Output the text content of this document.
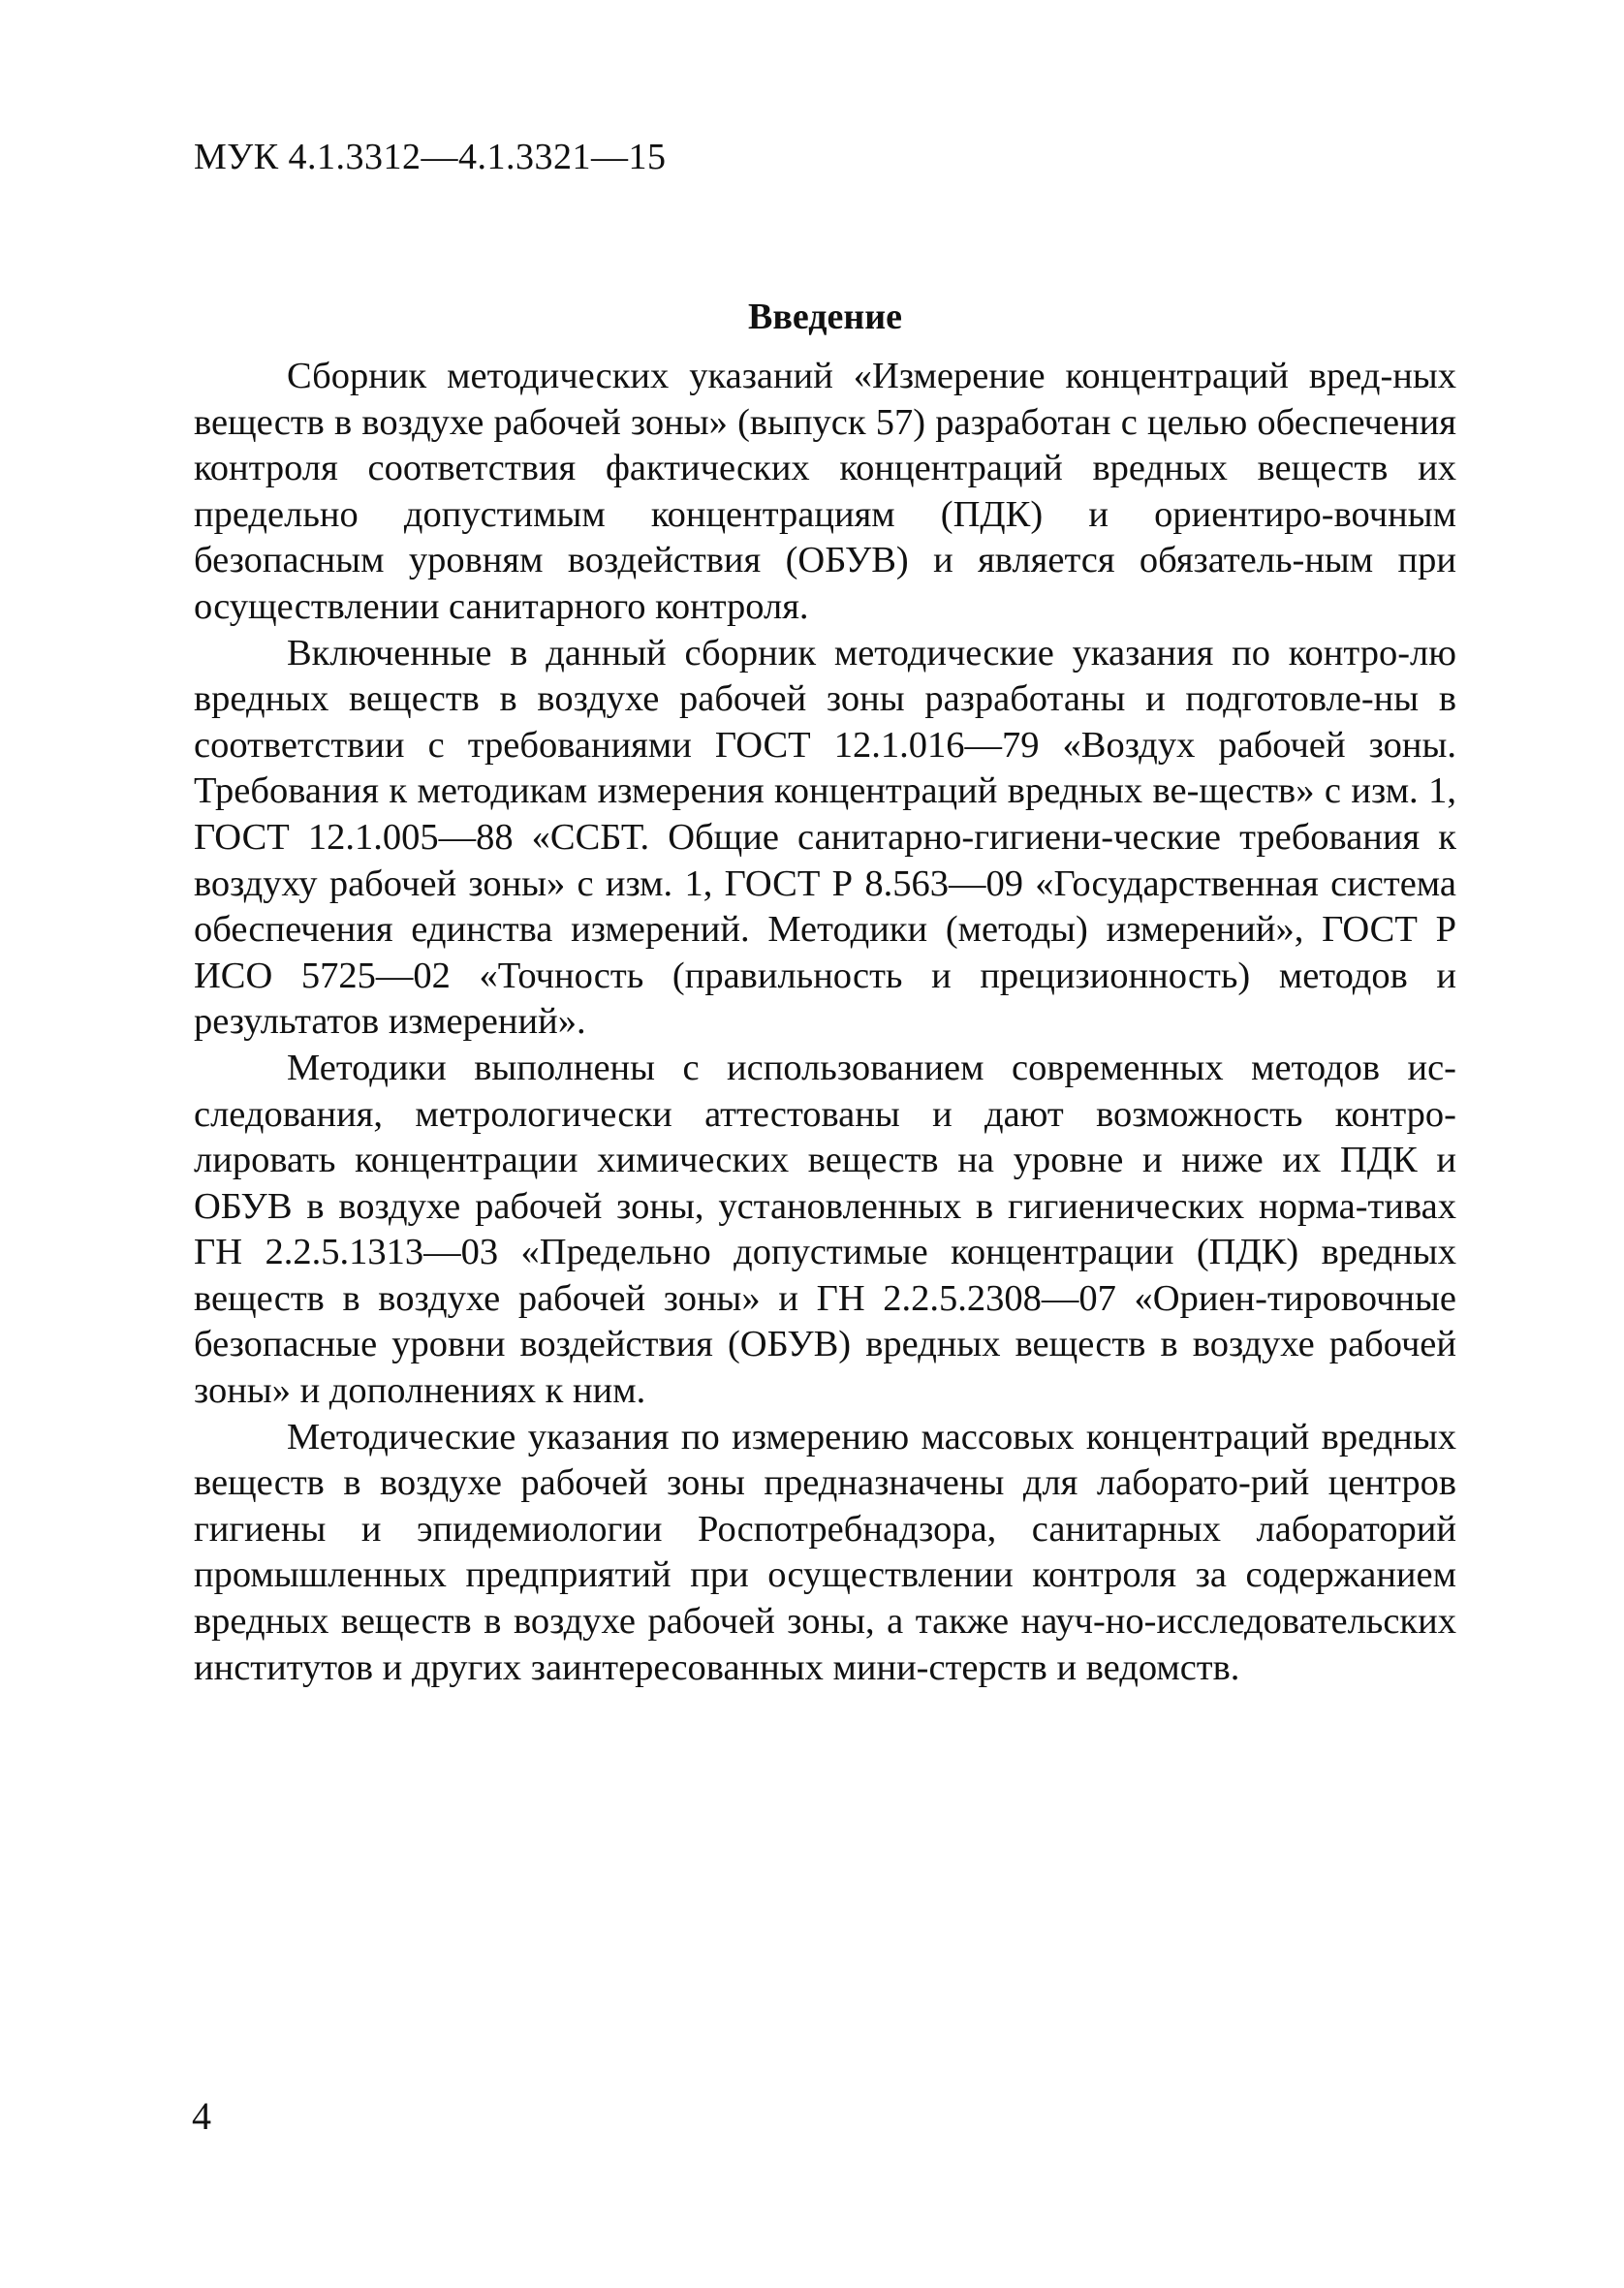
МУК 4.1.3312—4.1.3321—15
Введение

Сборник методических указаний «Измерение концентраций вред-ных веществ в воздухе рабочей зоны» (выпуск 57) разработан с целью обеспечения контроля соответствия фактических концентраций вредных веществ их предельно допустимым концентрациям (ПДК) и ориентиро-вочным безопасным уровням воздействия (ОБУВ) и является обязатель-ным при осуществлении санитарного контроля.

Включенные в данный сборник методические указания по контро-лю вредных веществ в воздухе рабочей зоны разработаны и подготовле-ны в соответствии с требованиями ГОСТ 12.1.016—79 «Воздух рабочей зоны. Требования к методикам измерения концентраций вредных ве-ществ» с изм. 1, ГОСТ 12.1.005—88 «ССБТ. Общие санитарно-гигиени-ческие требования к воздуху рабочей зоны» с изм. 1, ГОСТ Р 8.563—09 «Государственная система обеспечения единства измерений. Методики (методы) измерений», ГОСТ Р ИСО 5725—02 «Точность (правильность и прецизионность) методов и результатов измерений».

Методики выполнены с использованием современных методов ис-следования, метрологически аттестованы и дают возможность контро-лировать концентрации химических веществ на уровне и ниже их ПДК и ОБУВ в воздухе рабочей зоны, установленных в гигиенических норма-тивах ГН 2.2.5.1313—03 «Предельно допустимые концентрации (ПДК) вредных веществ в воздухе рабочей зоны» и ГН 2.2.5.2308—07 «Ориен-тировочные безопасные уровни воздействия (ОБУВ) вредных веществ в воздухе рабочей зоны» и дополнениях к ним.

Методические указания по измерению массовых концентраций вредных веществ в воздухе рабочей зоны предназначены для лаборато-рий центров гигиены и эпидемиологии Роспотребнадзора, санитарных лабораторий промышленных предприятий при осуществлении контроля за содержанием вредных веществ в воздухе рабочей зоны, а также науч-но-исследовательских институтов и других заинтересованных мини-стерств и ведомств.

4
